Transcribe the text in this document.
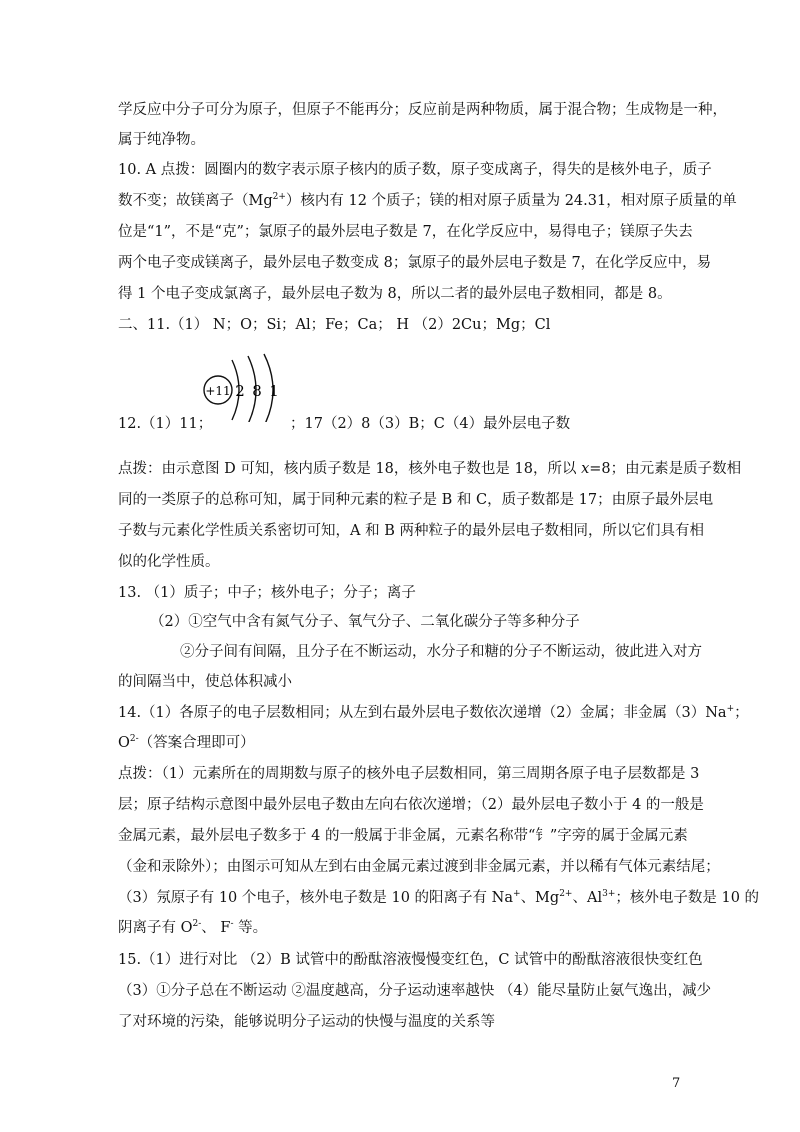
学反应中分子可分为原子，但原子不能再分；反应前是两种物质，属于混合物；生成物是一种，
属于纯净物。
10. A 点拨：圆圈内的数字表示原子核内的质子数，原子变成离子，得失的是核外电子，质子
数不变；故镁离子$(Mg^{2+})$核内有 12 个质子；镁的相对原子质量为 24.31，相对原子质量的单
位是“1”，不是“克”；氯原子的最外层电子数是 7，在化学反应中，易得电子；镁原子失去
两个电子变成镁离子，最外层电子数变成 8；氯原子的最外层电子数是 7，在化学反应中，易
得 1 个电子变成氯离子，最外层电子数为 8，所以二者的最外层电子数相同，都是 8。
二、11.（1） N；O；Si；Al；Fe；Ca； H （2）2Cu；Mg；Cl
+11 2 8 1
12.（1）11；	；17（2）8（3）B；C（4）最外层电子数
点拨：由示意图 D 可知，核内质子数是 18，核外电子数也是 18，所以 x=8；由元素是质子数相
同的一类原子的总称可知，属于同种元素的粒子是 B 和 C，质子数都是 17；由原子最外层电
子数与元素化学性质关系密切可知，A 和 B 两种粒子的最外层电子数相同，所以它们具有相
似的化学性质。
13. （1）质子；中子；核外电子；分子；离子
（2）①空气中含有氮气分子、氧气分子、二氧化碳分子等多种分子
②分子间有间隔，且分子在不断运动，水分子和糖的分子不断运动，彼此进入对方
的间隔当中，使总体积减小
14.（1）各原子的电子层数相同；从左到右最外层电子数依次递增（2）金属；非金属（3）Na+；
$O^{2-}$（答案合理即可）
点拨：（1）元素所在的周期数与原子的核外电子层数相同，第三周期各原子电子层数都是 3
层；原子结构示意图中最外层电子数由左向右依次递增；（2）最外层电子数小于 4 的一般是
金属元素，最外层电子数多于 4 的一般属于非金属，元素名称带“钅”字旁的属于金属元素
（金和汞除外）；由图示可知从左到右由金属元素过渡到非金属元素，并以稀有气体元素结尾；
（3）氖原子有 10 个电子，核外电子数是 10 的阳离子有 Na+、$Mg^{2+}$、$Al^{3+}$；核外电子数是 10 的
阴离子有 $O^{2-}$、 F- 等。
15.（1）进行对比 （2）B 试管中的酚酞溶液慢慢变红色，C 试管中的酚酞溶液很快变红色
（3）①分子总在不断运动 ②温度越高，分子运动速率越快 （4）能尽量防止氨气逸出，减少
了对环境的污染，能够说明分子运动的快慢与温度的关系等
7
